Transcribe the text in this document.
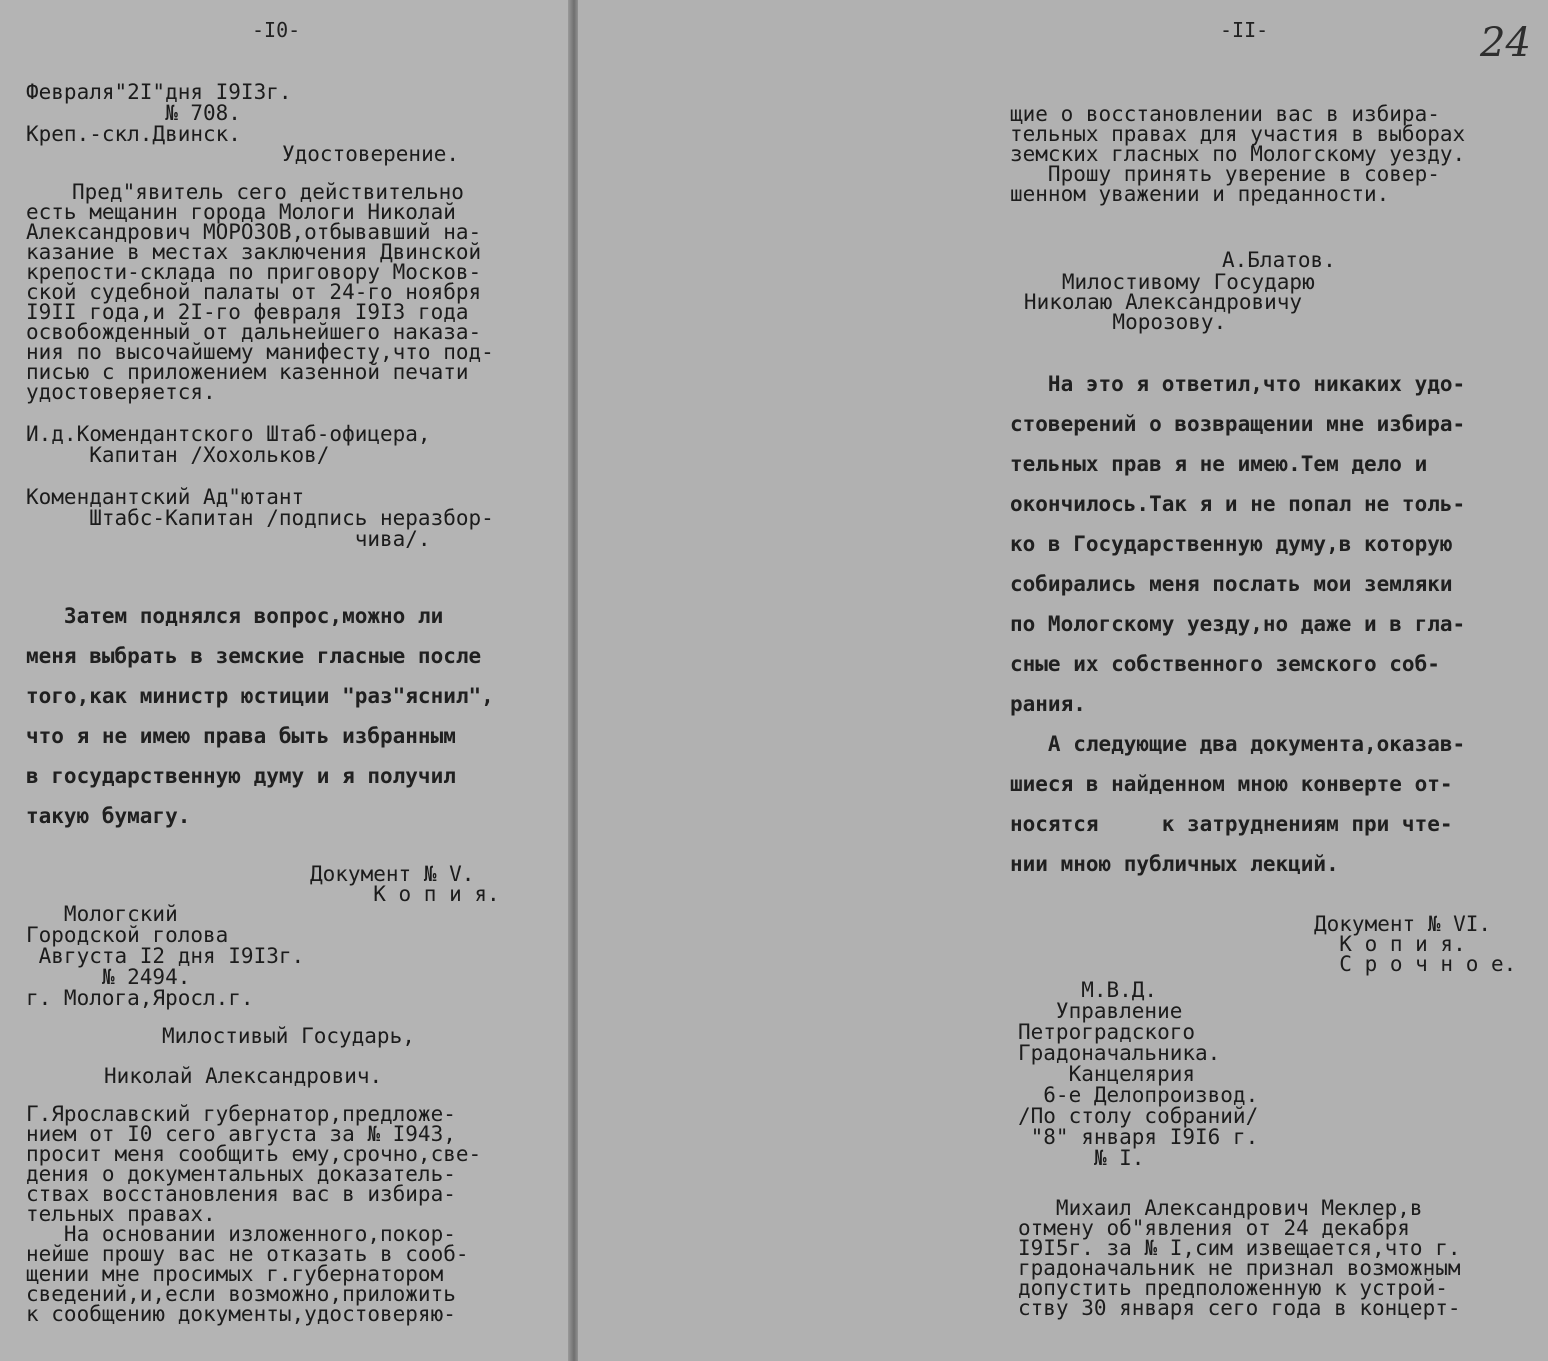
-I0-
Февраля"2I"дня I9I3г.
№ 708.
Креп.-скл.Двинск.
Удостоверение.
Пред"явитель сего действительно
есть мещанин города Мологи Николай
Александрович МОРОЗОВ,отбывавший на-
казание в местах заключения Двинской
крепости-склада по приговору Москов-
ской судебной палаты от 24-го ноября
I9II года,и 2I-го февраля I9I3 года
освобожденный от дальнейшего наказа-
ния по высочайшему манифесту,что под-
писью с приложением казенной печати
удостоверяется.
И.д.Комендантского Штаб-офицера,
Капитан /Хохольков/

Комендантский Ад"ютант
Штабс-Капитан /подпись неразбор-
чива/.
Затем поднялся вопрос,можно ли
меня выбрать в земские гласные после
того,как министр юстиции "раз"яснил",
что я не имею права быть избранным
в государственную думу и я получил
такую бумагу.
Документ № V.
К о п и я.
Мологский
Городской голова
Августа I2 дня I9I3г.
№ 2494.
г. Молога,Яросл.г.
Милостивый Государь,
Николай Александрович.
Г.Ярославский губернатор,предложе-
нием от I0 сего августа за № I943,
просит меня сообщить ему,срочно,све-
дения о документальных доказатель-
ствах восстановления вас в избира-
тельных правах.
На основании изложенного,покор-
нейше прошу вас не отказать в сооб-
щении мне просимых г.губернатором
сведений,и,если возможно,приложить
к сообщению документы,удостоверяю-
-II-	24
щие о восстановлении вас в избира-
тельных правах для участия в выборах
земских гласных по Мологскому уезду.
Прошу принять уверение в совер-
шенном уважении и преданности.
А.Блатов.
Милостивому Государю
Николаю Александровичу
Морозову.
На это я ответил,что никаких удо-
стоверений о возвращении мне избира-
тельных прав я не имею.Тем дело и
окончилось.Так я и не попал не толь-
ко в Государственную думу,в которую
собирались меня послать мои земляки
по Мологскому уезду,но даже и в гла-
сные их собственного земского соб-
рания.
А следующие два документа,оказав-
шиеся в найденном мною конверте от-
носятся     к затруднениям при чте-
нии мною публичных лекций.
Документ № VI.
К о п и я.
С р о ч н о е.
М.В.Д.
Управление
Петроградского
Градоначальника.
Канцелярия
6-е Делопроизвод.
/По столу собраний/
"8" января I9I6 г.
№ I.
Михаил Александрович Меклер,в
отмену об"явления от 24 декабря
I9I5г. за № I,сим извещается,что г.
градоначальник не признал возможным
допустить предположенную к устрой-
ству 30 января сего года в концерт-
